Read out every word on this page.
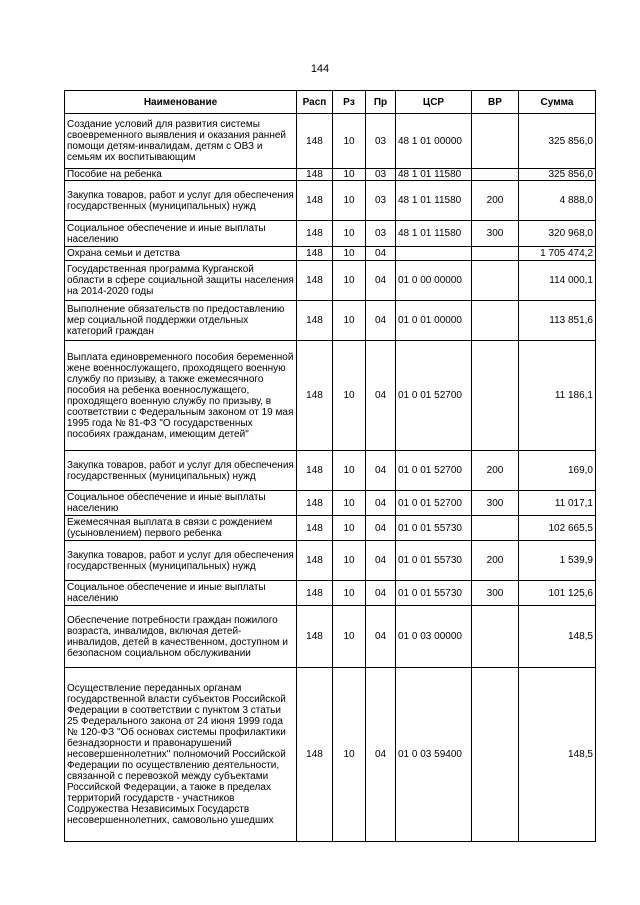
144
Наименование	Расп	Рз	Пр	ЦСР	ВР	Сумма
Создание условий для развития системы своевременного выявления и оказания ранней помощи детям-инвалидам, детям с ОВЗ и семьям их воспитывающим	148	10	03	48 1 01 00000		325 856,0
Пособие на ребенка	148	10	03	48 1 01 11580		325 856,0
Закупка товаров, работ и услуг для обеспечения государственных (муниципальных) нужд	148	10	03	48 1 01 11580	200	4 888,0
Социальное обеспечение и иные выплаты населению	148	10	03	48 1 01 11580	300	320 968,0
Охрана семьи и детства	148	10	04			1 705 474,2
Государственная программа Курганской области в сфере социальной защиты населения на 2014-2020 годы	148	10	04	01 0 00 00000		114 000,1
Выполнение обязательств по предоставлению мер социальной поддержки отдельных категорий граждан	148	10	04	01 0 01 00000		113 851,6
Выплата единовременного пособия беременной жене военнослужащего, проходящего военную службу по призыву, а также ежемесячного пособия на ребенка военнослужащего, проходящего военную службу по призыву, в соответствии с Федеральным законом от 19 мая 1995 года № 81-ФЗ "О государственных пособиях гражданам, имеющим детей"	148	10	04	01 0 01 52700		11 186,1
Закупка товаров, работ и услуг для обеспечения государственных (муниципальных) нужд	148	10	04	01 0 01 52700	200	169,0
Социальное обеспечение и иные выплаты населению	148	10	04	01 0 01 52700	300	11 017,1
Ежемесячная выплата в связи с рождением (усыновлением) первого ребенка	148	10	04	01 0 01 55730		102 665,5
Закупка товаров, работ и услуг для обеспечения государственных (муниципальных) нужд	148	10	04	01 0 01 55730	200	1 539,9
Социальное обеспечение и иные выплаты населению	148	10	04	01 0 01 55730	300	101 125,6
Обеспечение потребности граждан пожилого возраста, инвалидов, включая детей-инвалидов, детей в качественном, доступном и безопасном социальном обслуживании	148	10	04	01 0 03 00000		148,5
Осуществление переданных органам государственной власти субъектов Российской Федерации в соответствии с пунктом 3 статьи 25 Федерального закона от 24 июня 1999 года № 120-ФЗ "Об основах системы профилактики безнадзорности и правонарушений несовершеннолетних" полномочий Российской Федерации по осуществлению деятельности, связанной с перевозкой между субъектами Российской Федерации, а также в пределах территорий государств - участников Содружества Независимых Государств несовершеннолетних, самовольно ушедших	148	10	04	01 0 03 59400		148,5
